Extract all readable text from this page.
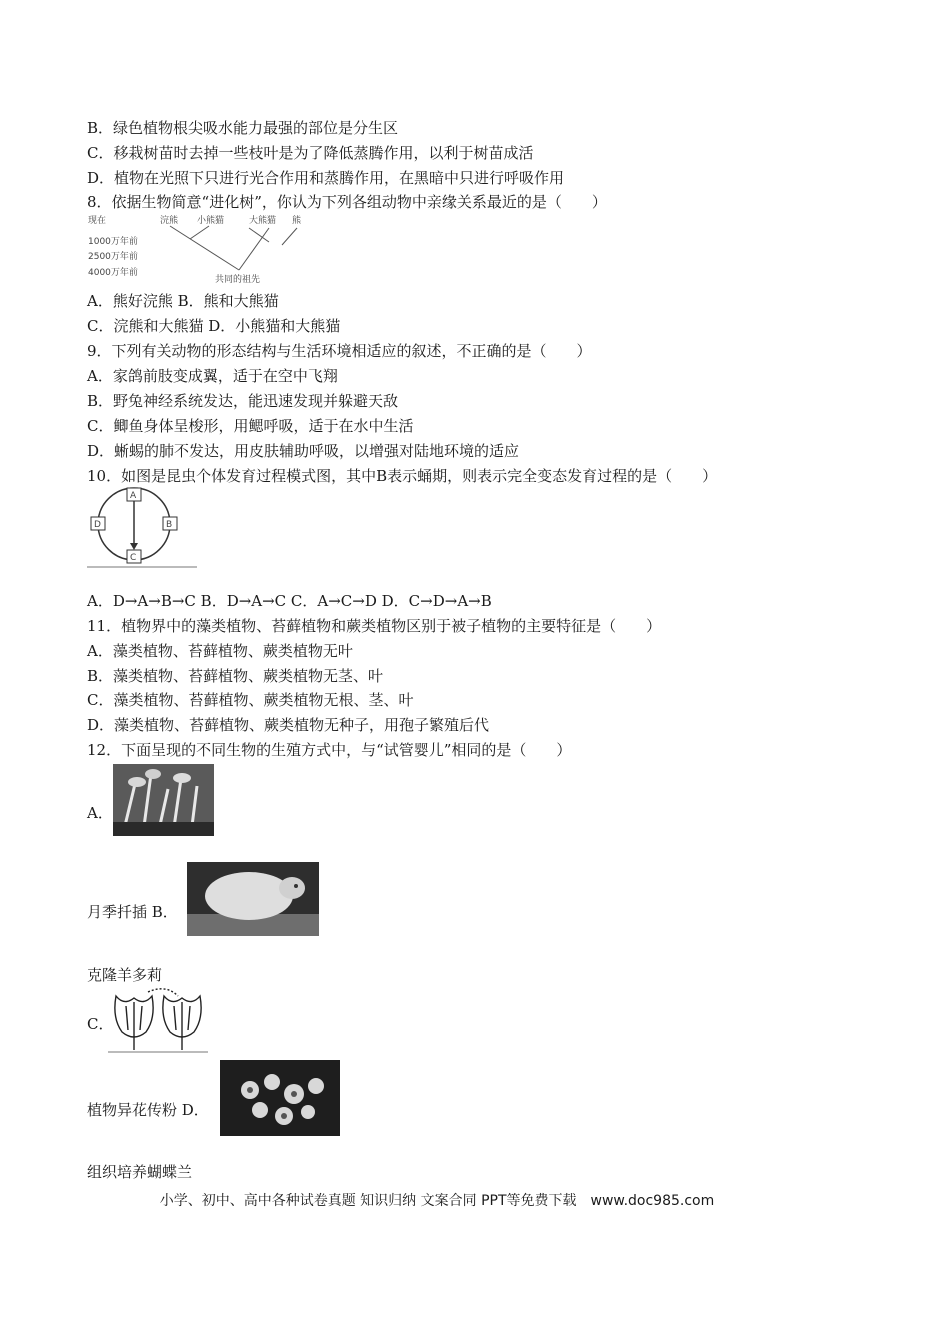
B．绿色植物根尖吸水能力最强的部位是分生区
C．移栽树苗时去掉一些枝叶是为了降低蒸腾作用，以利于树苗成活
D．植物在光照下只进行光合作用和蒸腾作用，在黑暗中只进行呼吸作用
8．依据生物简意“进化树”，你认为下列各组动物中亲缘关系最近的是（　　）
现在
1000万年前
2500万年前
4000万年前
浣熊 小熊猫	大熊猫 熊
共同的祖先
A．熊好浣熊 B．熊和大熊猫
C．浣熊和大熊猫 D．小熊猫和大熊猫
9．下列有关动物的形态结构与生活环境相适应的叙述，不正确的是（　　）
A．家鸽前肢变成翼，适于在空中飞翔
B．野兔神经系统发达，能迅速发现并躲避天敌
C．鲫鱼身体呈梭形，用鳃呼吸，适于在水中生活
D．蜥蜴的肺不发达，用皮肤辅助呼吸，以增强对陆地环境的适应
10．如图是昆虫个体发育过程模式图，其中B表示蛹期，则表示完全变态发育过程的是（　　）
A
B
C
D
A．D→A→B→C B．D→A→C C．A→C→D D．C→D→A→B
11．植物界中的藻类植物、苔藓植物和蕨类植物区别于被子植物的主要特征是（　　）
A．藻类植物、苔藓植物、蕨类植物无叶
B．藻类植物、苔藓植物、蕨类植物无茎、叶
C．藻类植物、苔藓植物、蕨类植物无根、茎、叶
D．藻类植物、苔藓植物、蕨类植物无种子，用孢子繁殖后代
12．下面呈现的不同生物的生殖方式中，与“试管婴儿”相同的是（　　）
A．
月季扦插 B．
克隆羊多莉
C．
植物异花传粉 D．
组织培养蝴蝶兰
小学、初中、高中各种试卷真题 知识归纳 文案合同 PPT等免费下载　www.doc985.com
